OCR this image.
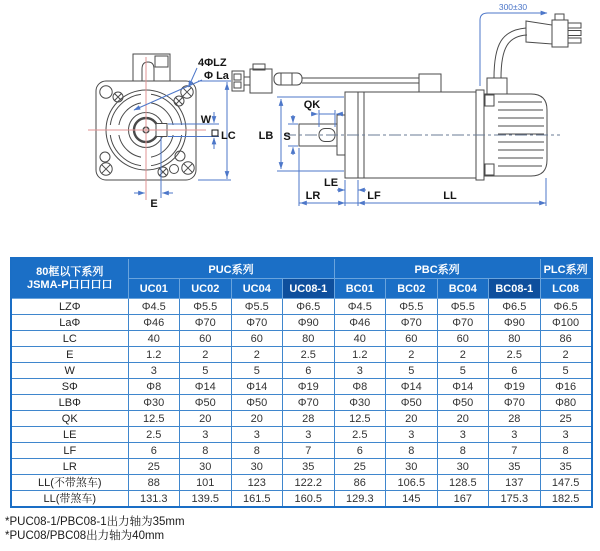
4ΦLZ
Φ La
W
LC
E
300±30
QK
LB S
LE
LR	LF	LL
80框以下系列
JSMA-P口口口口	PUC系列				PBC系列				PLC系列
	UC01	UC02	UC04	UC08-1	BC01	BC02	BC04	BC08-1	LC08
LZΦ	Φ4.5	Φ5.5	Φ5.5	Φ6.5	Φ4.5	Φ5.5	Φ5.5	Φ6.5	Φ6.5
LaΦ	Φ46	Φ70	Φ70	Φ90	Φ46	Φ70	Φ70	Φ90	Φ100
LC	40	60	60	80	40	60	60	80	86
E	1.2	2	2	2.5	1.2	2	2	2.5	2
W	3	5	5	6	3	5	5	6	5
SΦ	Φ8	Φ14	Φ14	Φ19	Φ8	Φ14	Φ14	Φ19	Φ16
LBΦ	Φ30	Φ50	Φ50	Φ70	Φ30	Φ50	Φ50	Φ70	Φ80
QK	12.5	20	20	28	12.5	20	20	28	25
LE	2.5	3	3	3	2.5	3	3	3	3
LF	6	8	8	7	6	8	8	7	8
LR	25	30	30	35	25	30	30	35	35
LL(不带煞车)	88	101	123	122.2	86	106.5	128.5	137	147.5
LL(带煞车)	131.3	139.5	161.5	160.5	129.3	145	167	175.3	182.5
*PUC08-1/PBC08-1出力轴为35mm
*PUC08/PBC08出力轴为40mm
